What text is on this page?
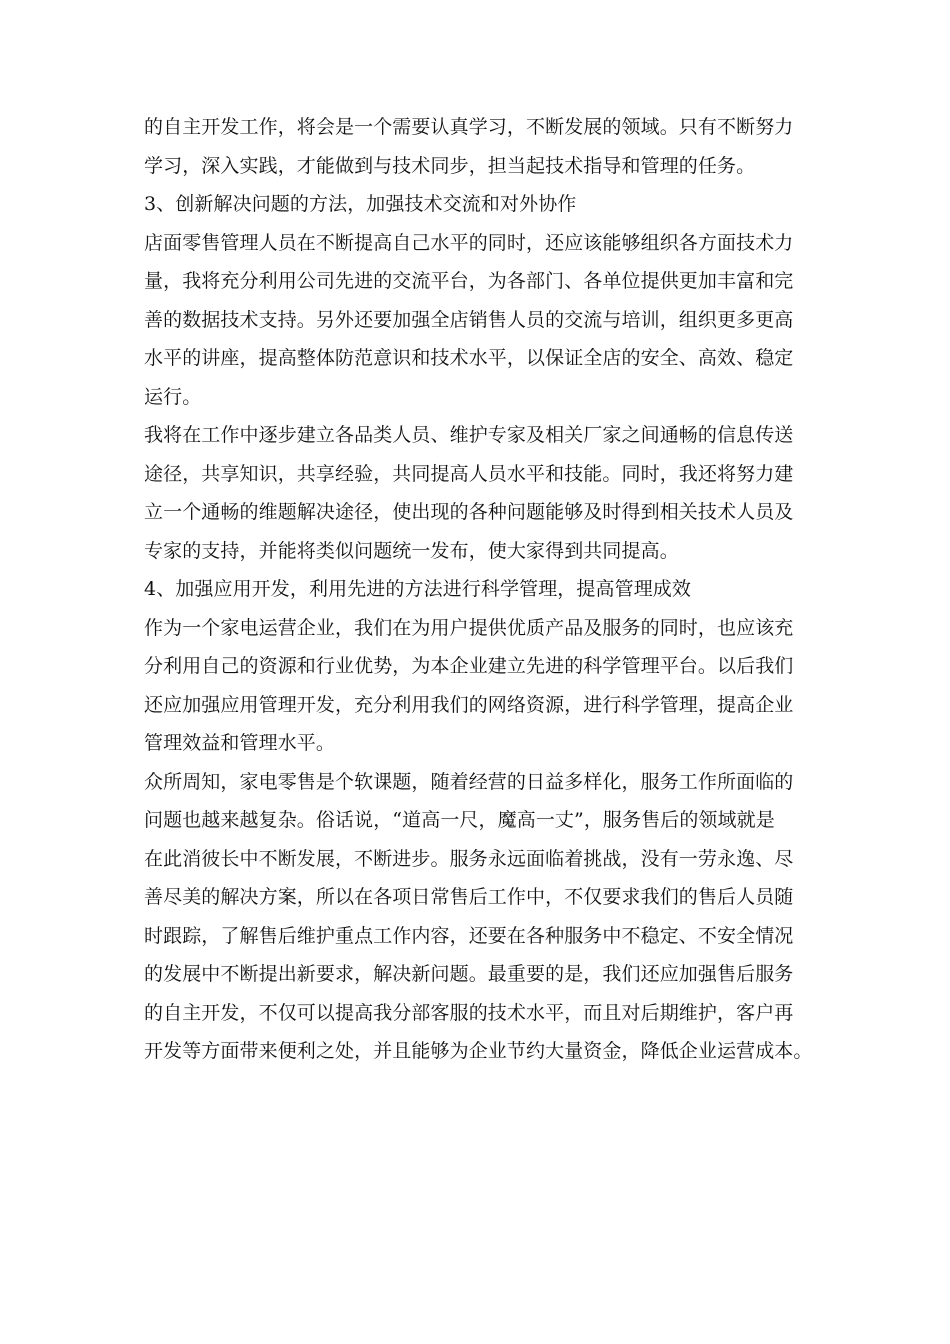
的自主开发工作，将会是一个需要认真学习，不断发展的领域。只有不断努力
学习，深入实践，才能做到与技术同步，担当起技术指导和管理的任务。
3、创新解决问题的方法，加强技术交流和对外协作
店面零售管理人员在不断提高自己水平的同时，还应该能够组织各方面技术力
量，我将充分利用公司先进的交流平台，为各部门、各单位提供更加丰富和完
善的数据技术支持。另外还要加强全店销售人员的交流与培训，组织更多更高
水平的讲座，提高整体防范意识和技术水平，以保证全店的安全、高效、稳定
运行。
我将在工作中逐步建立各品类人员、维护专家及相关厂家之间通畅的信息传送
途径，共享知识，共享经验，共同提高人员水平和技能。同时，我还将努力建
立一个通畅的维题解决途径，使出现的各种问题能够及时得到相关技术人员及
专家的支持，并能将类似问题统一发布，使大家得到共同提高。
4、加强应用开发，利用先进的方法进行科学管理，提高管理成效
作为一个家电运营企业，我们在为用户提供优质产品及服务的同时，也应该充
分利用自己的资源和行业优势，为本企业建立先进的科学管理平台。以后我们
还应加强应用管理开发，充分利用我们的网络资源，进行科学管理，提高企业
管理效益和管理水平。
众所周知，家电零售是个软课题，随着经营的日益多样化，服务工作所面临的
问题也越来越复杂。俗话说，“道高一尺，魔高一丈”，服务售后的领域就是
在此消彼长中不断发展，不断进步。服务永远面临着挑战，没有一劳永逸、尽
善尽美的解决方案，所以在各项日常售后工作中，不仅要求我们的售后人员随
时跟踪，了解售后维护重点工作内容，还要在各种服务中不稳定、不安全情况
的发展中不断提出新要求，解决新问题。最重要的是，我们还应加强售后服务
的自主开发，不仅可以提高我分部客服的技术水平，而且对后期维护，客户再
开发等方面带来便利之处，并且能够为企业节约大量资金，降低企业运营成本。
